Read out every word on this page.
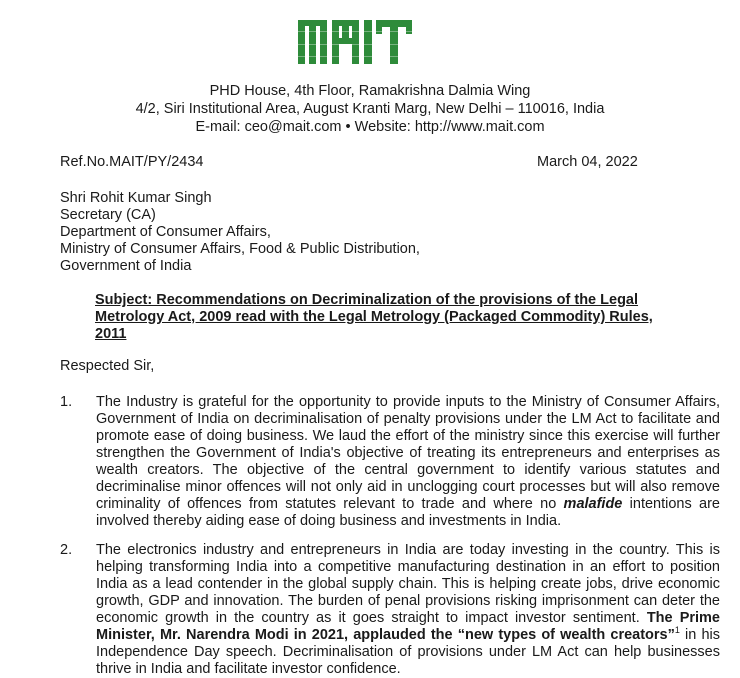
PHD House, 4th Floor, Ramakrishna Dalmia Wing
4/2, Siri Institutional Area, August Kranti Marg, New Delhi – 110016, India
E-mail: ceo@mait.com • Website: http://www.mait.com
Ref.No.MAIT/PY/2434	March 04, 2022
Shri Rohit Kumar Singh
Secretary (CA)
Department of Consumer Affairs,
Ministry of Consumer Affairs, Food & Public Distribution,
Government of India
Subject: Recommendations on Decriminalization of the provisions of the Legal Metrology Act, 2009 read with the Legal Metrology (Packaged Commodity) Rules, 2011
Respected Sir,
1. The Industry is grateful for the opportunity to provide inputs to the Ministry of Consumer Affairs, Government of India on decriminalisation of penalty provisions under the LM Act to facilitate and promote ease of doing business. We laud the effort of the ministry since this exercise will further strengthen the Government of India's objective of treating its entrepreneurs and enterprises as wealth creators. The objective of the central government to identify various statutes and decriminalise minor offences will not only aid in unclogging court processes but will also remove criminality of offences from statutes relevant to trade and where no malafide intentions are involved thereby aiding ease of doing business and investments in India.
2. The electronics industry and entrepreneurs in India are today investing in the country. This is helping transforming India into a competitive manufacturing destination in an effort to position India as a lead contender in the global supply chain. This is helping create jobs, drive economic growth, GDP and innovation. The burden of penal provisions risking imprisonment can deter the economic growth in the country as it goes straight to impact investor sentiment. The Prime Minister, Mr. Narendra Modi in 2021, applauded the “new types of wealth creators”$^1$ in his Independence Day speech. Decriminalisation of provisions under LM Act can help businesses thrive in India and facilitate investor confidence.
